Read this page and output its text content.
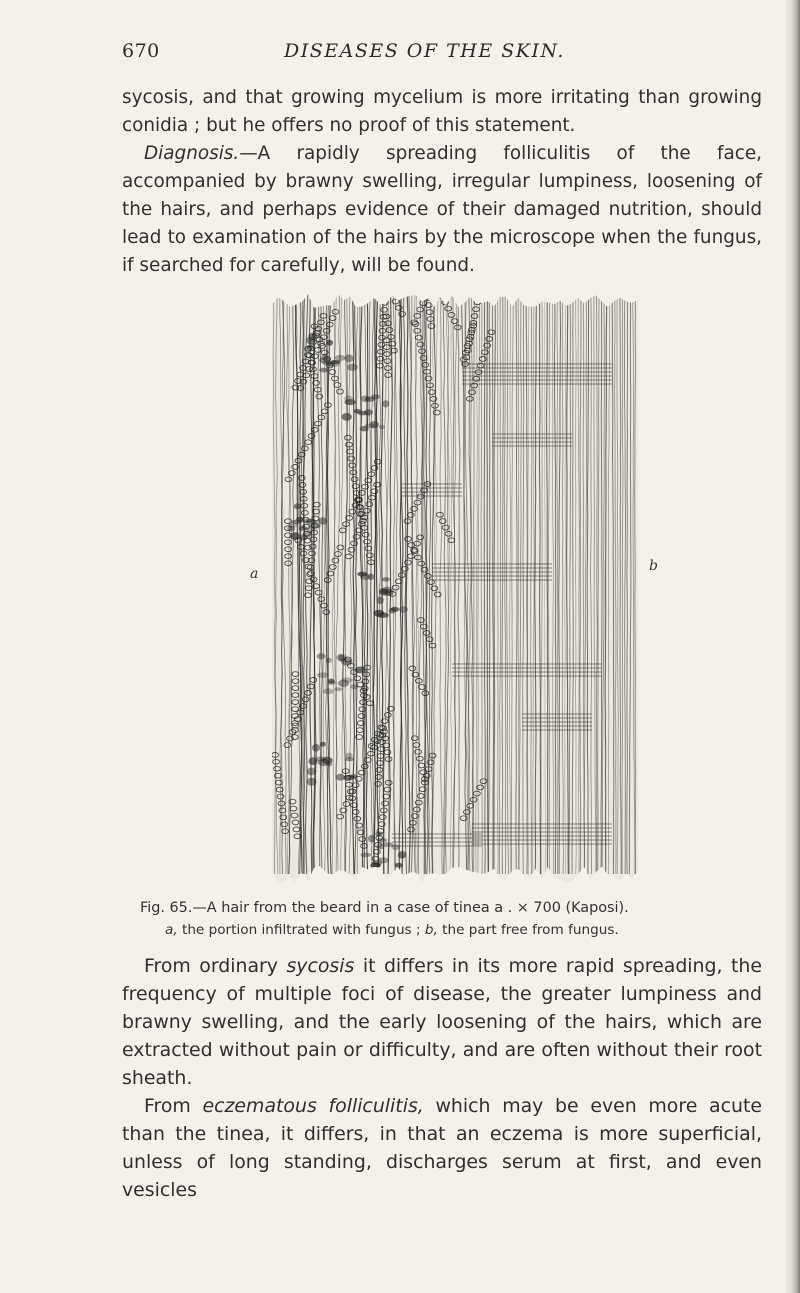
670	DISEASES OF THE SKIN.

sycosis, and that growing mycelium is more irritating than growing conidia ; but he offers no proof of this statement.

Diagnosis.—A rapidly spreading folliculitis of the face, accompanied by brawny swelling, irregular lumpiness, loosening of the hairs, and perhaps evidence of their damaged nutrition, should lead to examination of the hairs by the microscope when the fungus, if searched for carefully, will be found.

a	b
Fig. 65.—A hair from the beard in a case of tinea a . × 700 (Kaposi).
a, the portion infiltrated with fungus ; b, the part free from fungus.

From ordinary sycosis it differs in its more rapid spreading, the frequency of multiple foci of disease, the greater lumpiness and brawny swelling, and the early loosening of the hairs, which are extracted without pain or difficulty, and are often without their root sheath.

From eczematous folliculitis, which may be even more acute than the tinea, it differs, in that an eczema is more superficial, unless of long standing, discharges serum at first, and even vesicles
